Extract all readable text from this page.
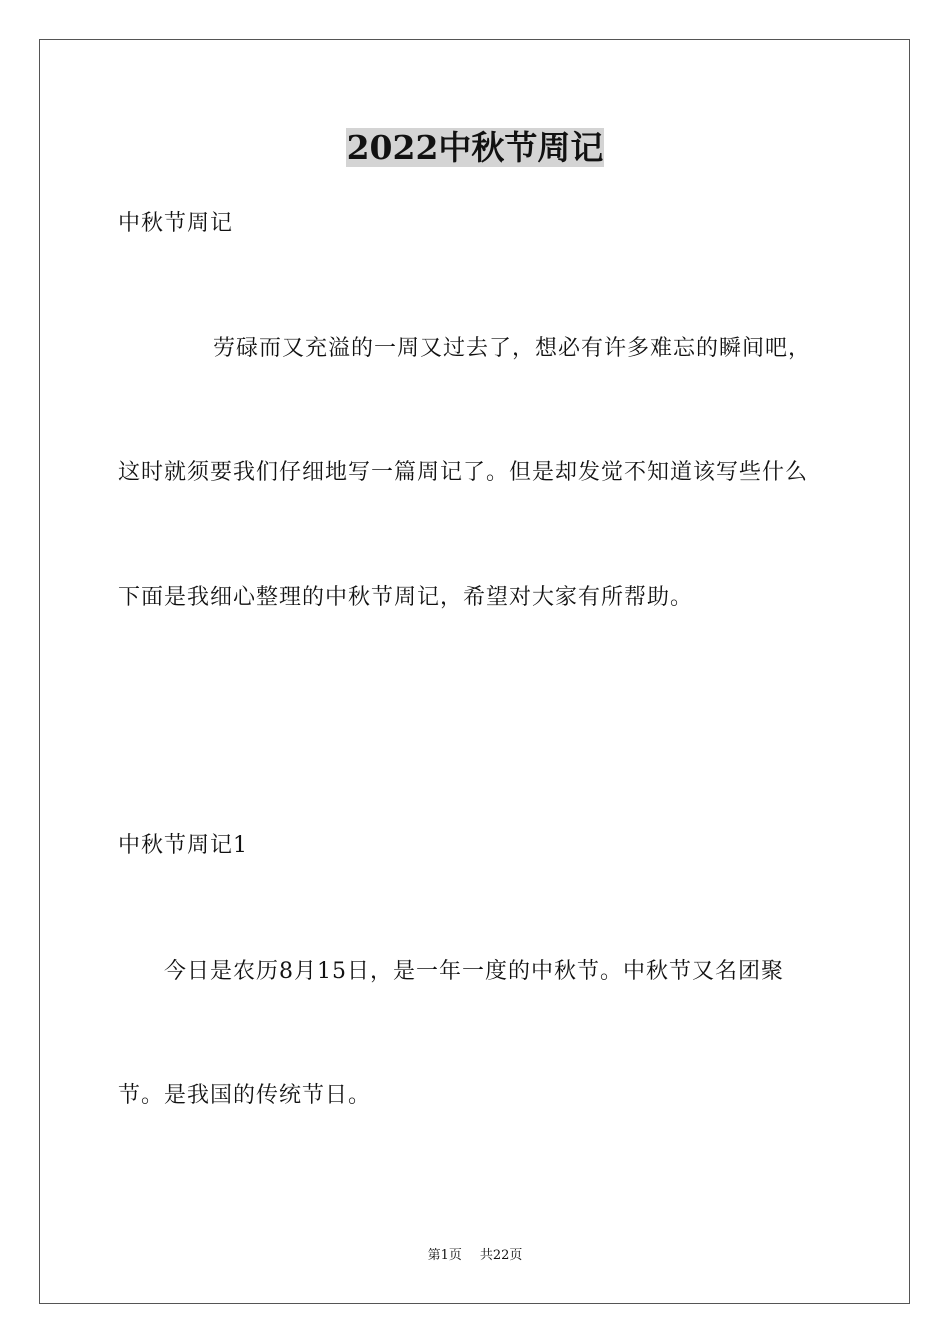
2022中秋节周记
中秋节周记
劳碌而又充溢的一周又过去了，想必有许多难忘的瞬间吧，
这时就须要我们仔细地写一篇周记了。但是却发觉不知道该写些什么
下面是我细心整理的中秋节周记，希望对大家有所帮助。
中秋节周记1
今日是农历8月15日，是一年一度的中秋节。中秋节又名团聚
节。是我国的传统节日。
第1页 共22页
